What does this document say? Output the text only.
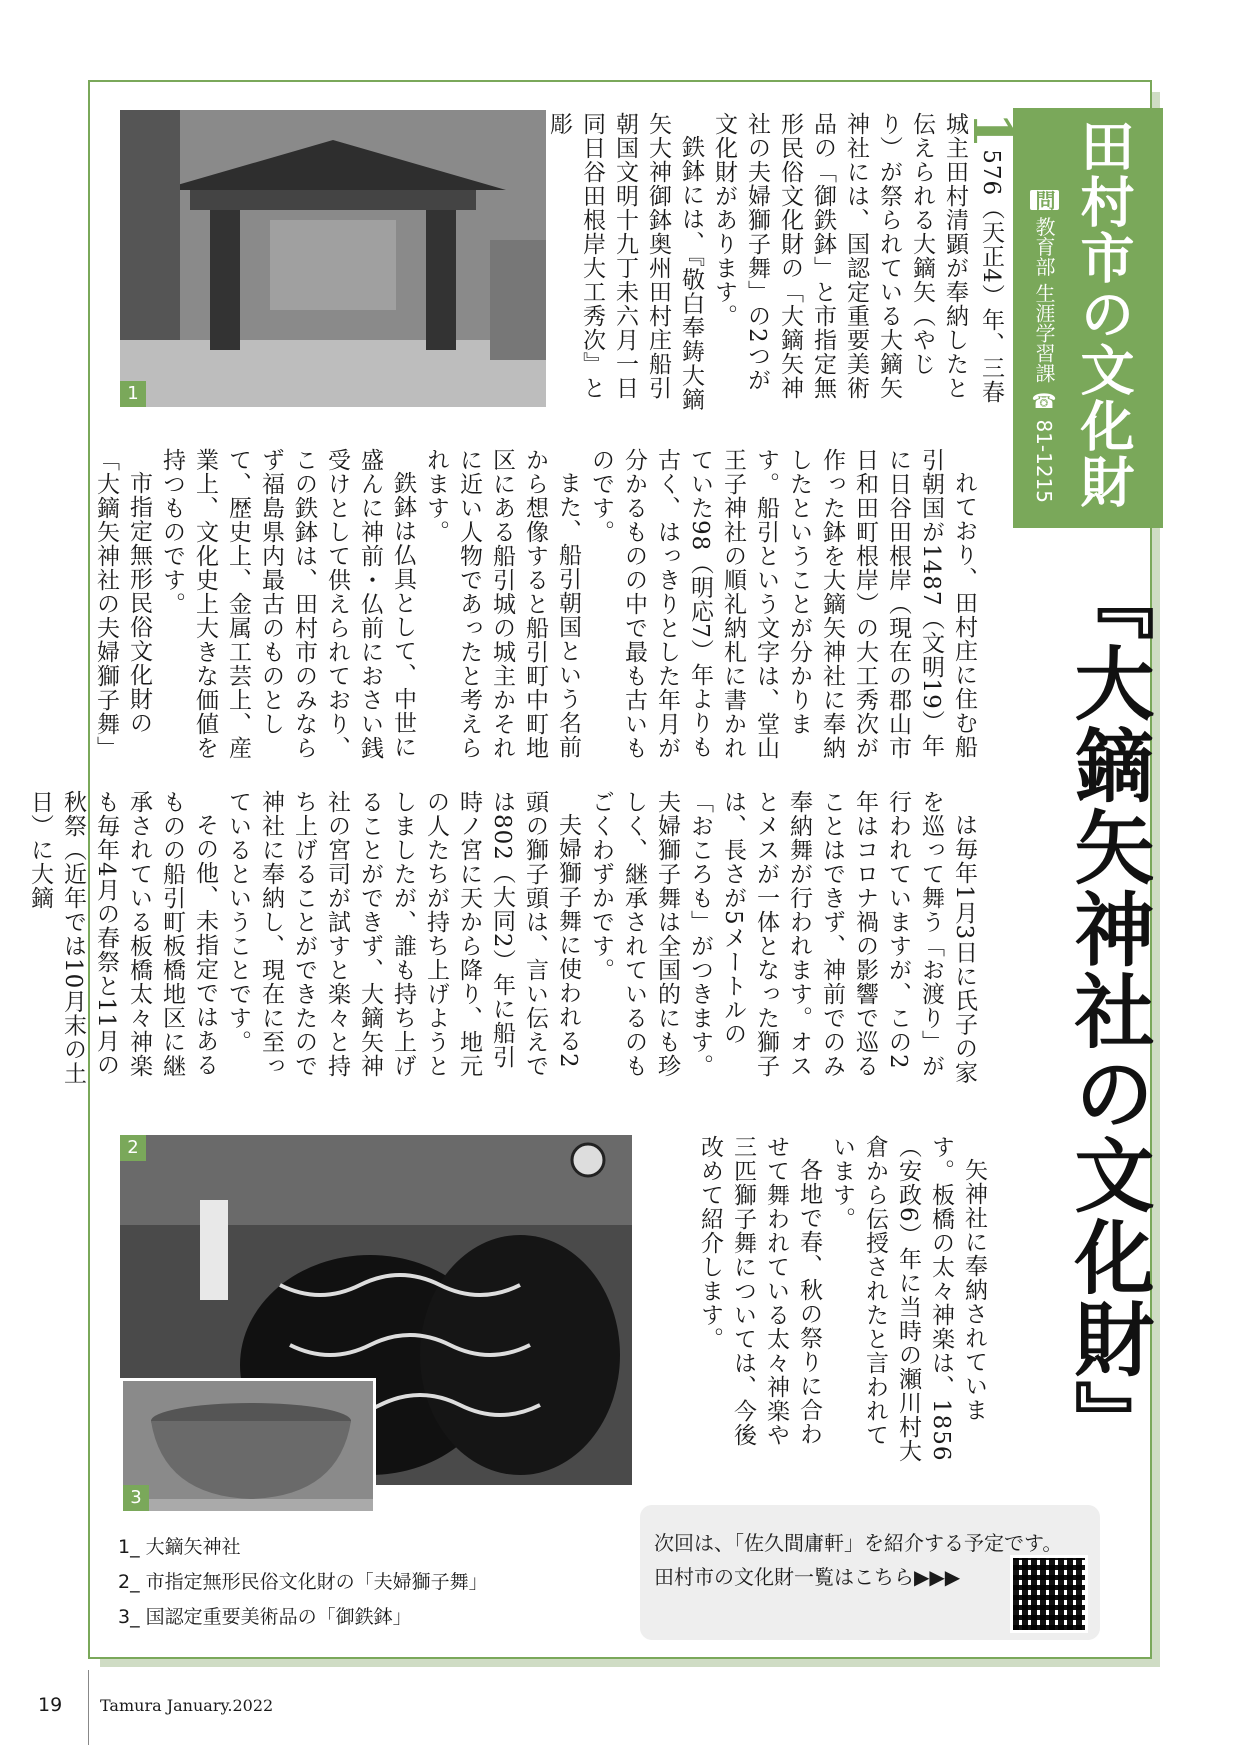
田村市の文化財
問 教育部 生涯学習課 ☎ 81-1215
『大鏑矢神社の文化財』
1

1576（天正4）年、三春城主田村清顕が奉納したと伝えられる大鏑矢（やじり）が祭られている大鏑矢神社には、国認定重要美術品の「御鉄鉢」と市指定無形民俗文化財の「大鏑矢神社の夫婦獅子舞」の2つが文化財があります。

鉄鉢には、『敬白奉鋳大鏑矢大神御鉢奥州田村庄船引朝国文明十九丁未六月一日 同日谷田根岸大工秀次』と彫

れており、田村庄に住む船引朝国が1487（文明19）年に日谷田根岸（現在の郡山市日和田町根岸）の大工秀次が作った鉢を大鏑矢神社に奉納したということが分かります。船引という文字は、堂山王子神社の順礼納札に書かれていた98（明応7）年よりも古く、はっきりとした年月が分かるものの中で最も古いものです。

また、船引朝国という名前から想像すると船引町中町地区にある船引城の城主かそれに近い人物であったと考えられます。

鉄鉢は仏具として、中世に盛んに神前・仏前におさい銭受けとして供えられており、この鉄鉢は、田村市のみならず福島県内最古のものとして、歴史上、金属工芸上、産業上、文化史上大きな価値を持つものです。

市指定無形民俗文化財の「大鏑矢神社の夫婦獅子舞」

は毎年1月3日に氏子の家を巡って舞う「お渡り」が行われていますが、この2年はコロナ禍の影響で巡ることはできず、神前でのみ奉納舞が行われます。オスとメスが一体となった獅子は、長さが5メートルの「おころも」がつきます。夫婦獅子舞は全国的にも珍しく、継承されているのもごくわずかです。

夫婦獅子舞に使われる2頭の獅子頭は、言い伝えでは802（大同2）年に船引時ノ宮に天から降り、地元の人たちが持ち上げようとしましたが、誰も持ち上げることができず、大鏑矢神社の宮司が試すと楽々と持ち上げることができたので神社に奉納し、現在に至っているということです。

その他、未指定ではあるものの船引町板橋地区に継承されている板橋太々神楽も毎年4月の春祭と11月の秋祭（近年では10月末の土日）に大鏑

矢神社に奉納されています。板橋の太々神楽は、1856（安政6）年に当時の瀬川村大倉から伝授されたと言われています。

各地で春、秋の祭りに合わせて舞われている太々神楽や三匹獅子舞については、今後改めて紹介します。

2
3
1_ 大鏑矢神社
2_ 市指定無形民俗文化財の「夫婦獅子舞」
3_ 国認定重要美術品の「御鉄鉢」
次回は、「佐久間庸軒」を紹介する予定です。
田村市の文化財一覧はこちら▶▶▶
19 Tamura January.2022
